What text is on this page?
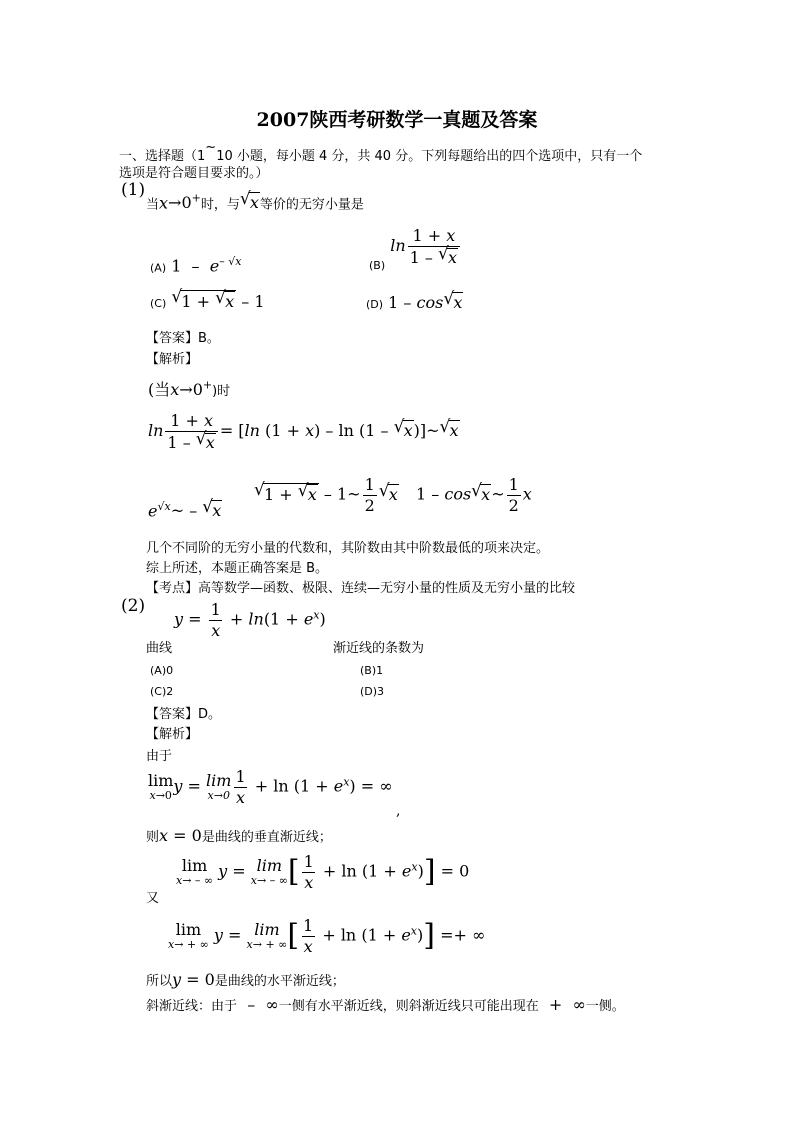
2007陕西考研数学一真题及答案
一、选择题（1~10 小题，每小题 4 分，共 40 分。下列每题给出的四个选项中，只有一个
选项是符合题目要求的。）
(1)
当x→0+时，与 √ x等价的无穷小量是
(A) $1 - e^{- √x}$	$_{(B)}$ $\ln \frac{1 + x}{1 - √ x}$
(C) √ 1 + √ x – 1	(D) 1 – cos √ x
【答案】B。
【解析】
(当x→0+)时
$\ln \frac{1 + x}{1 - √ x} = [\ln$ (1 + x) – ln (1 – √ x)]~ √ x
$e^{√x}\sim$ – √ x
√ 1 + √ x – 1~ $\frac{1}{2}$ √ x 1 – cos √ x~ $\frac{1}{2}$ x
几个不同阶的无穷小量的代数和，其阶数由其中阶数最低的项来决定。
综上所述，本题正确答案是 B。
【考点】高等数学—函数、极限、连续—无穷小量的性质及无穷小量的比较
(2)
$y = \frac{1}{x} + \ln(1 + e^x)$
曲线	渐近线的条数为
(A)0	(B)1
(C)2	(D)3
【答案】D。
【解析】
由于
lim
x→0 y = lim
$x\to 0 \frac{1}{x} + \ln (1 + e^x)$ = ∞
,
则x = 0是曲线的垂直渐近线；
又
lim
x→ – ∞ y = lim
x→ – ∞ [ $\frac{1}{x} + \ln (1 + e^x)] = 0$
lim
x→ + ∞ y = lim
x→ + ∞ [ $\frac{1}{x} + \ln (1 + e^x)$] =+ ∞
所以y = 0是曲线的水平渐近线；
斜渐近线：由于  –  ∞一侧有水平渐近线，则斜渐近线只可能出现在  +  ∞一侧。
